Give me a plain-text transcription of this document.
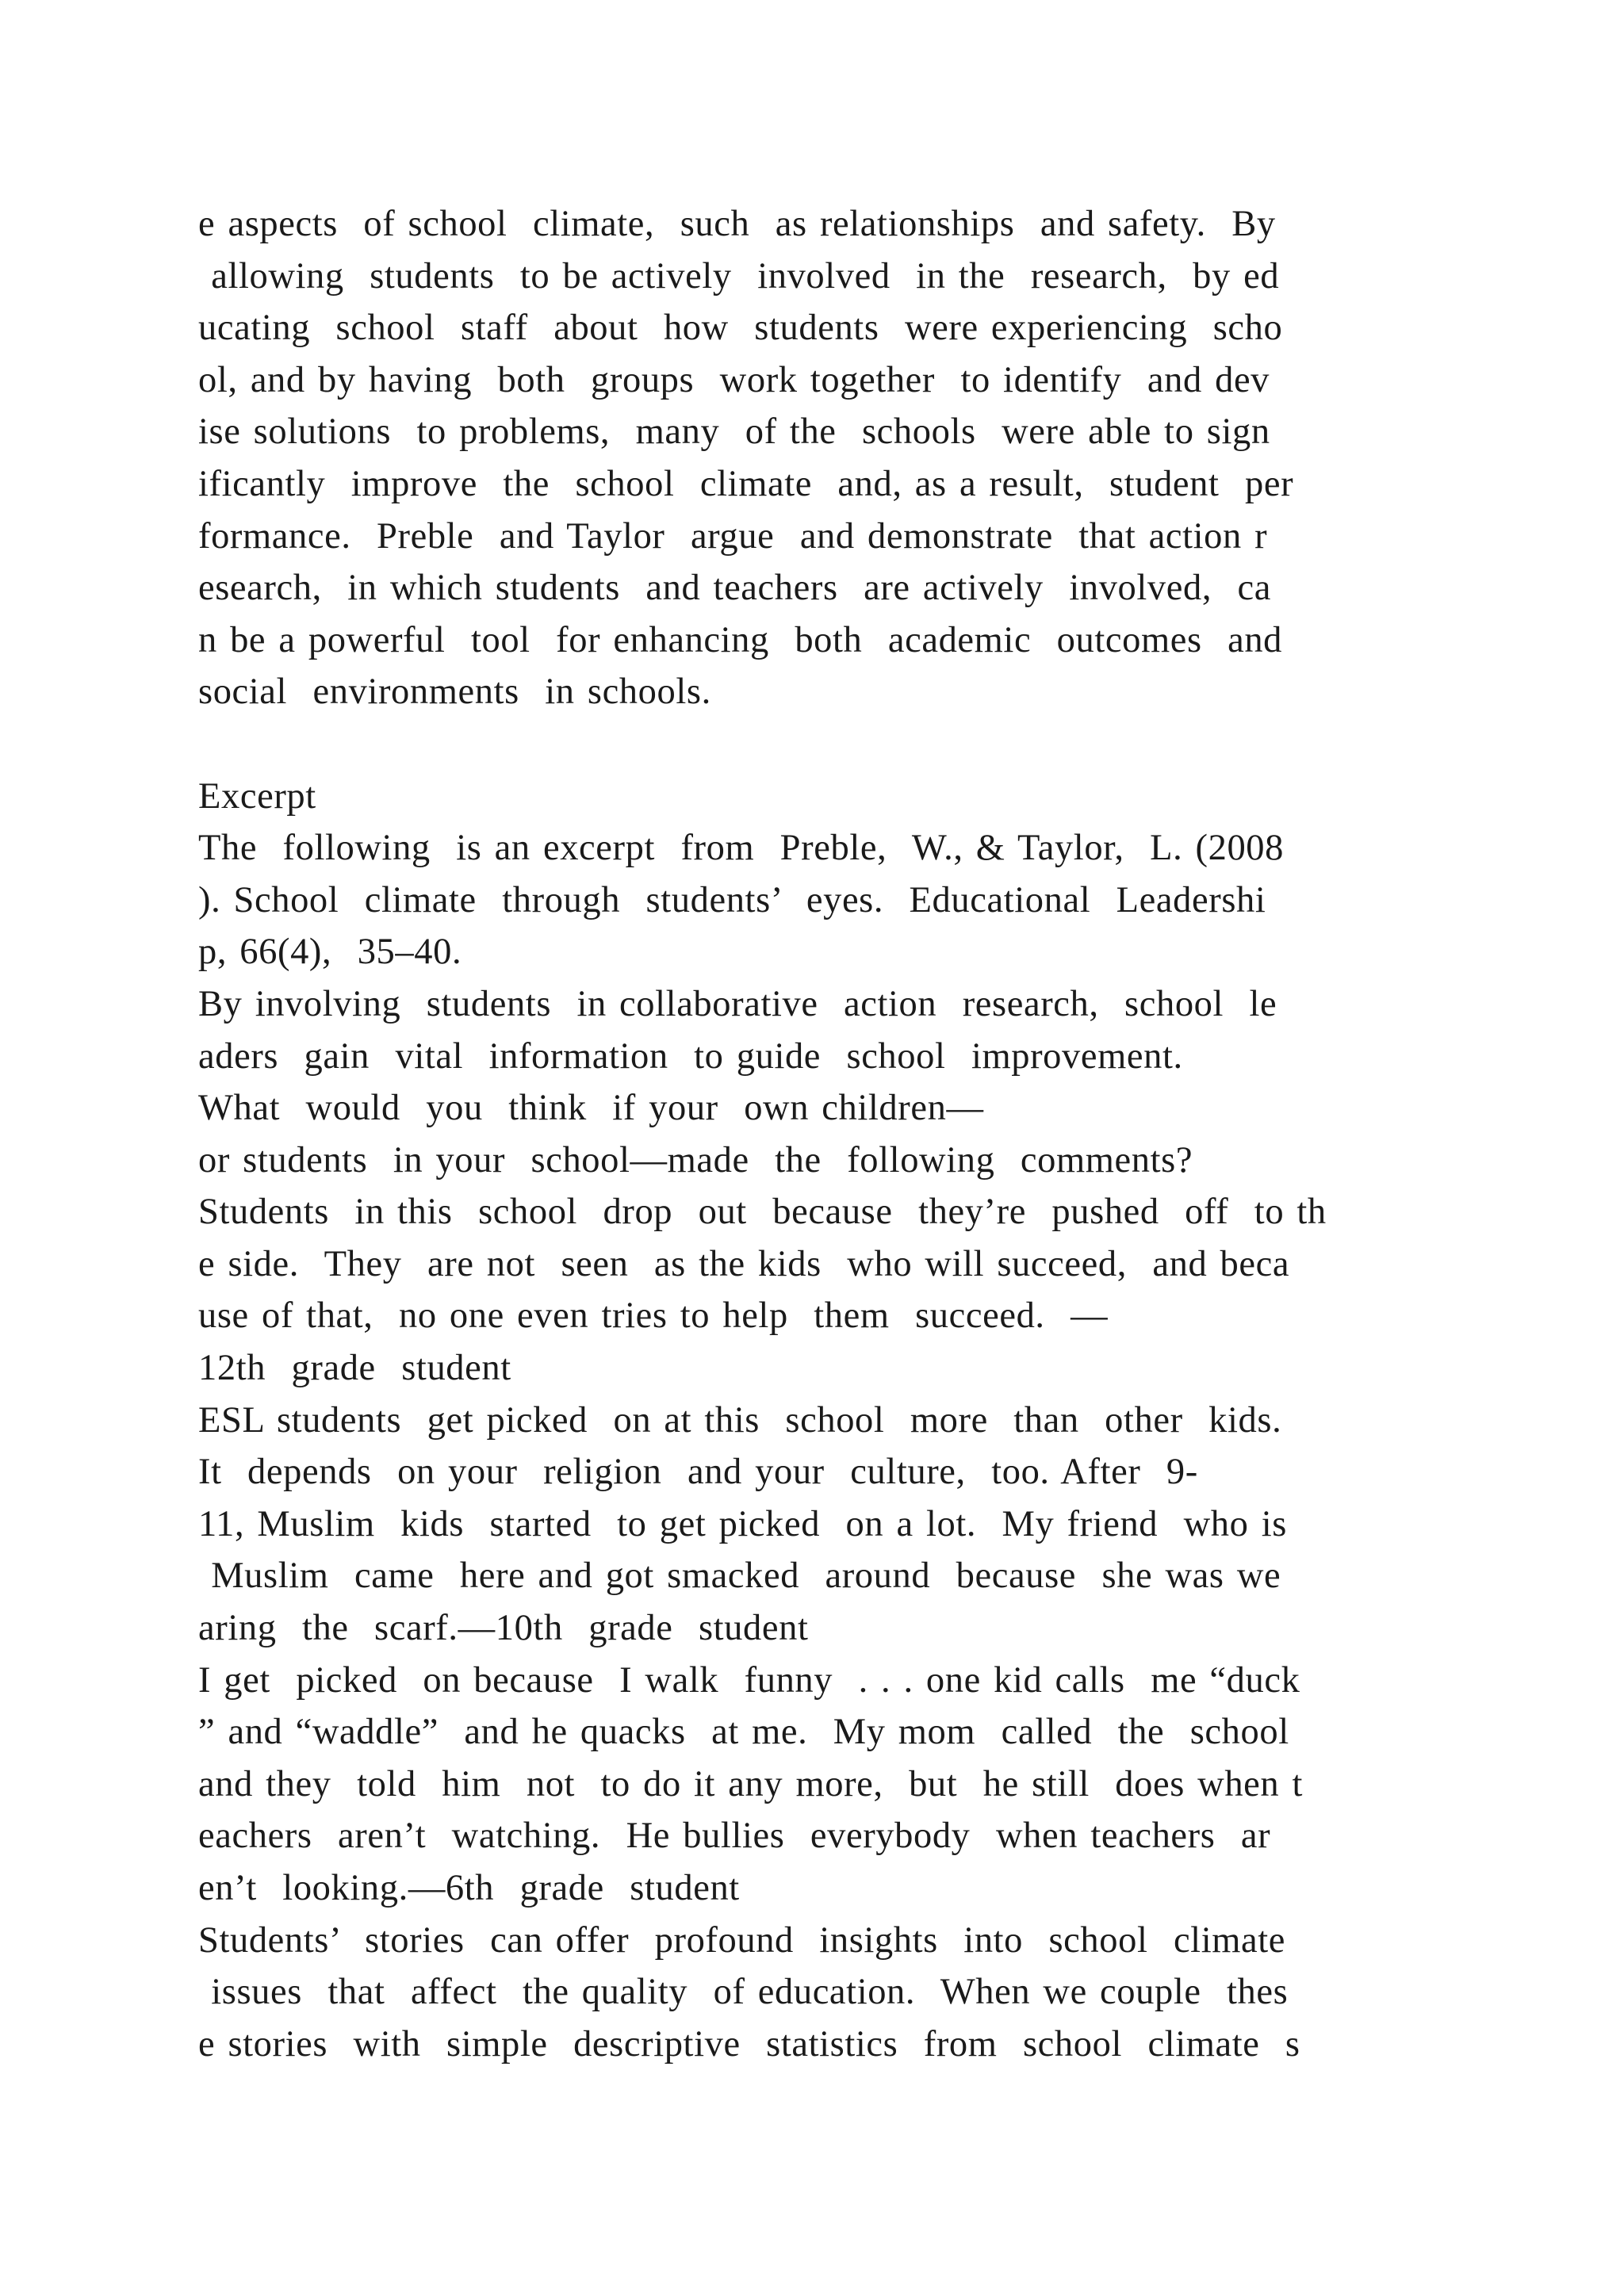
e aspects  of school  climate,  such  as relationships  and safety.  By
allowing  students  to be actively  involved  in the  research,  by ed
ucating  school  staff  about  how  students  were experiencing  scho
ol, and by having  both  groups  work together  to identify  and dev
ise solutions  to problems,  many  of the  schools  were able to sign
ificantly  improve  the  school  climate  and, as a result,  student  per
formance.  Preble  and Taylor  argue  and demonstrate  that action r
esearch,  in which students  and teachers  are actively  involved,  ca
n be a powerful  tool  for enhancing  both  academic  outcomes  and
social  environments  in schools.
Excerpt
The  following  is an excerpt  from  Preble,  W., & Taylor,  L. (2008
). School  climate  through  students’  eyes.  Educational  Leadershi
p, 66(4),  35–40.
By involving  students  in collaborative  action  research,  school  le
aders  gain  vital  information  to guide  school  improvement.
What  would  you  think  if your  own children—
or students  in your  school—made  the  following  comments?
Students  in this  school  drop  out  because  they’re  pushed  off  to th
e side.  They  are not  seen  as the kids  who will succeed,  and beca
use of that,  no one even tries to help  them  succeed.  —
12th  grade  student
ESL students  get picked  on at this  school  more  than  other  kids.
It  depends  on your  religion  and your  culture,  too. After  9-
11, Muslim  kids  started  to get picked  on a lot.  My friend  who is
Muslim  came  here and got smacked  around  because  she was we
aring  the  scarf.—10th  grade  student
I get  picked  on because  I walk  funny  . . . one kid calls  me “duck
” and “waddle”  and he quacks  at me.  My mom  called  the  school
and they  told  him  not  to do it any more,  but  he still  does when t
eachers  aren’t  watching.  He bullies  everybody  when teachers  ar
en’t  looking.—6th  grade  student
Students’  stories  can offer  profound  insights  into  school  climate
issues  that  affect  the quality  of education.  When we couple  thes
e stories  with  simple  descriptive  statistics  from  school  climate  s
